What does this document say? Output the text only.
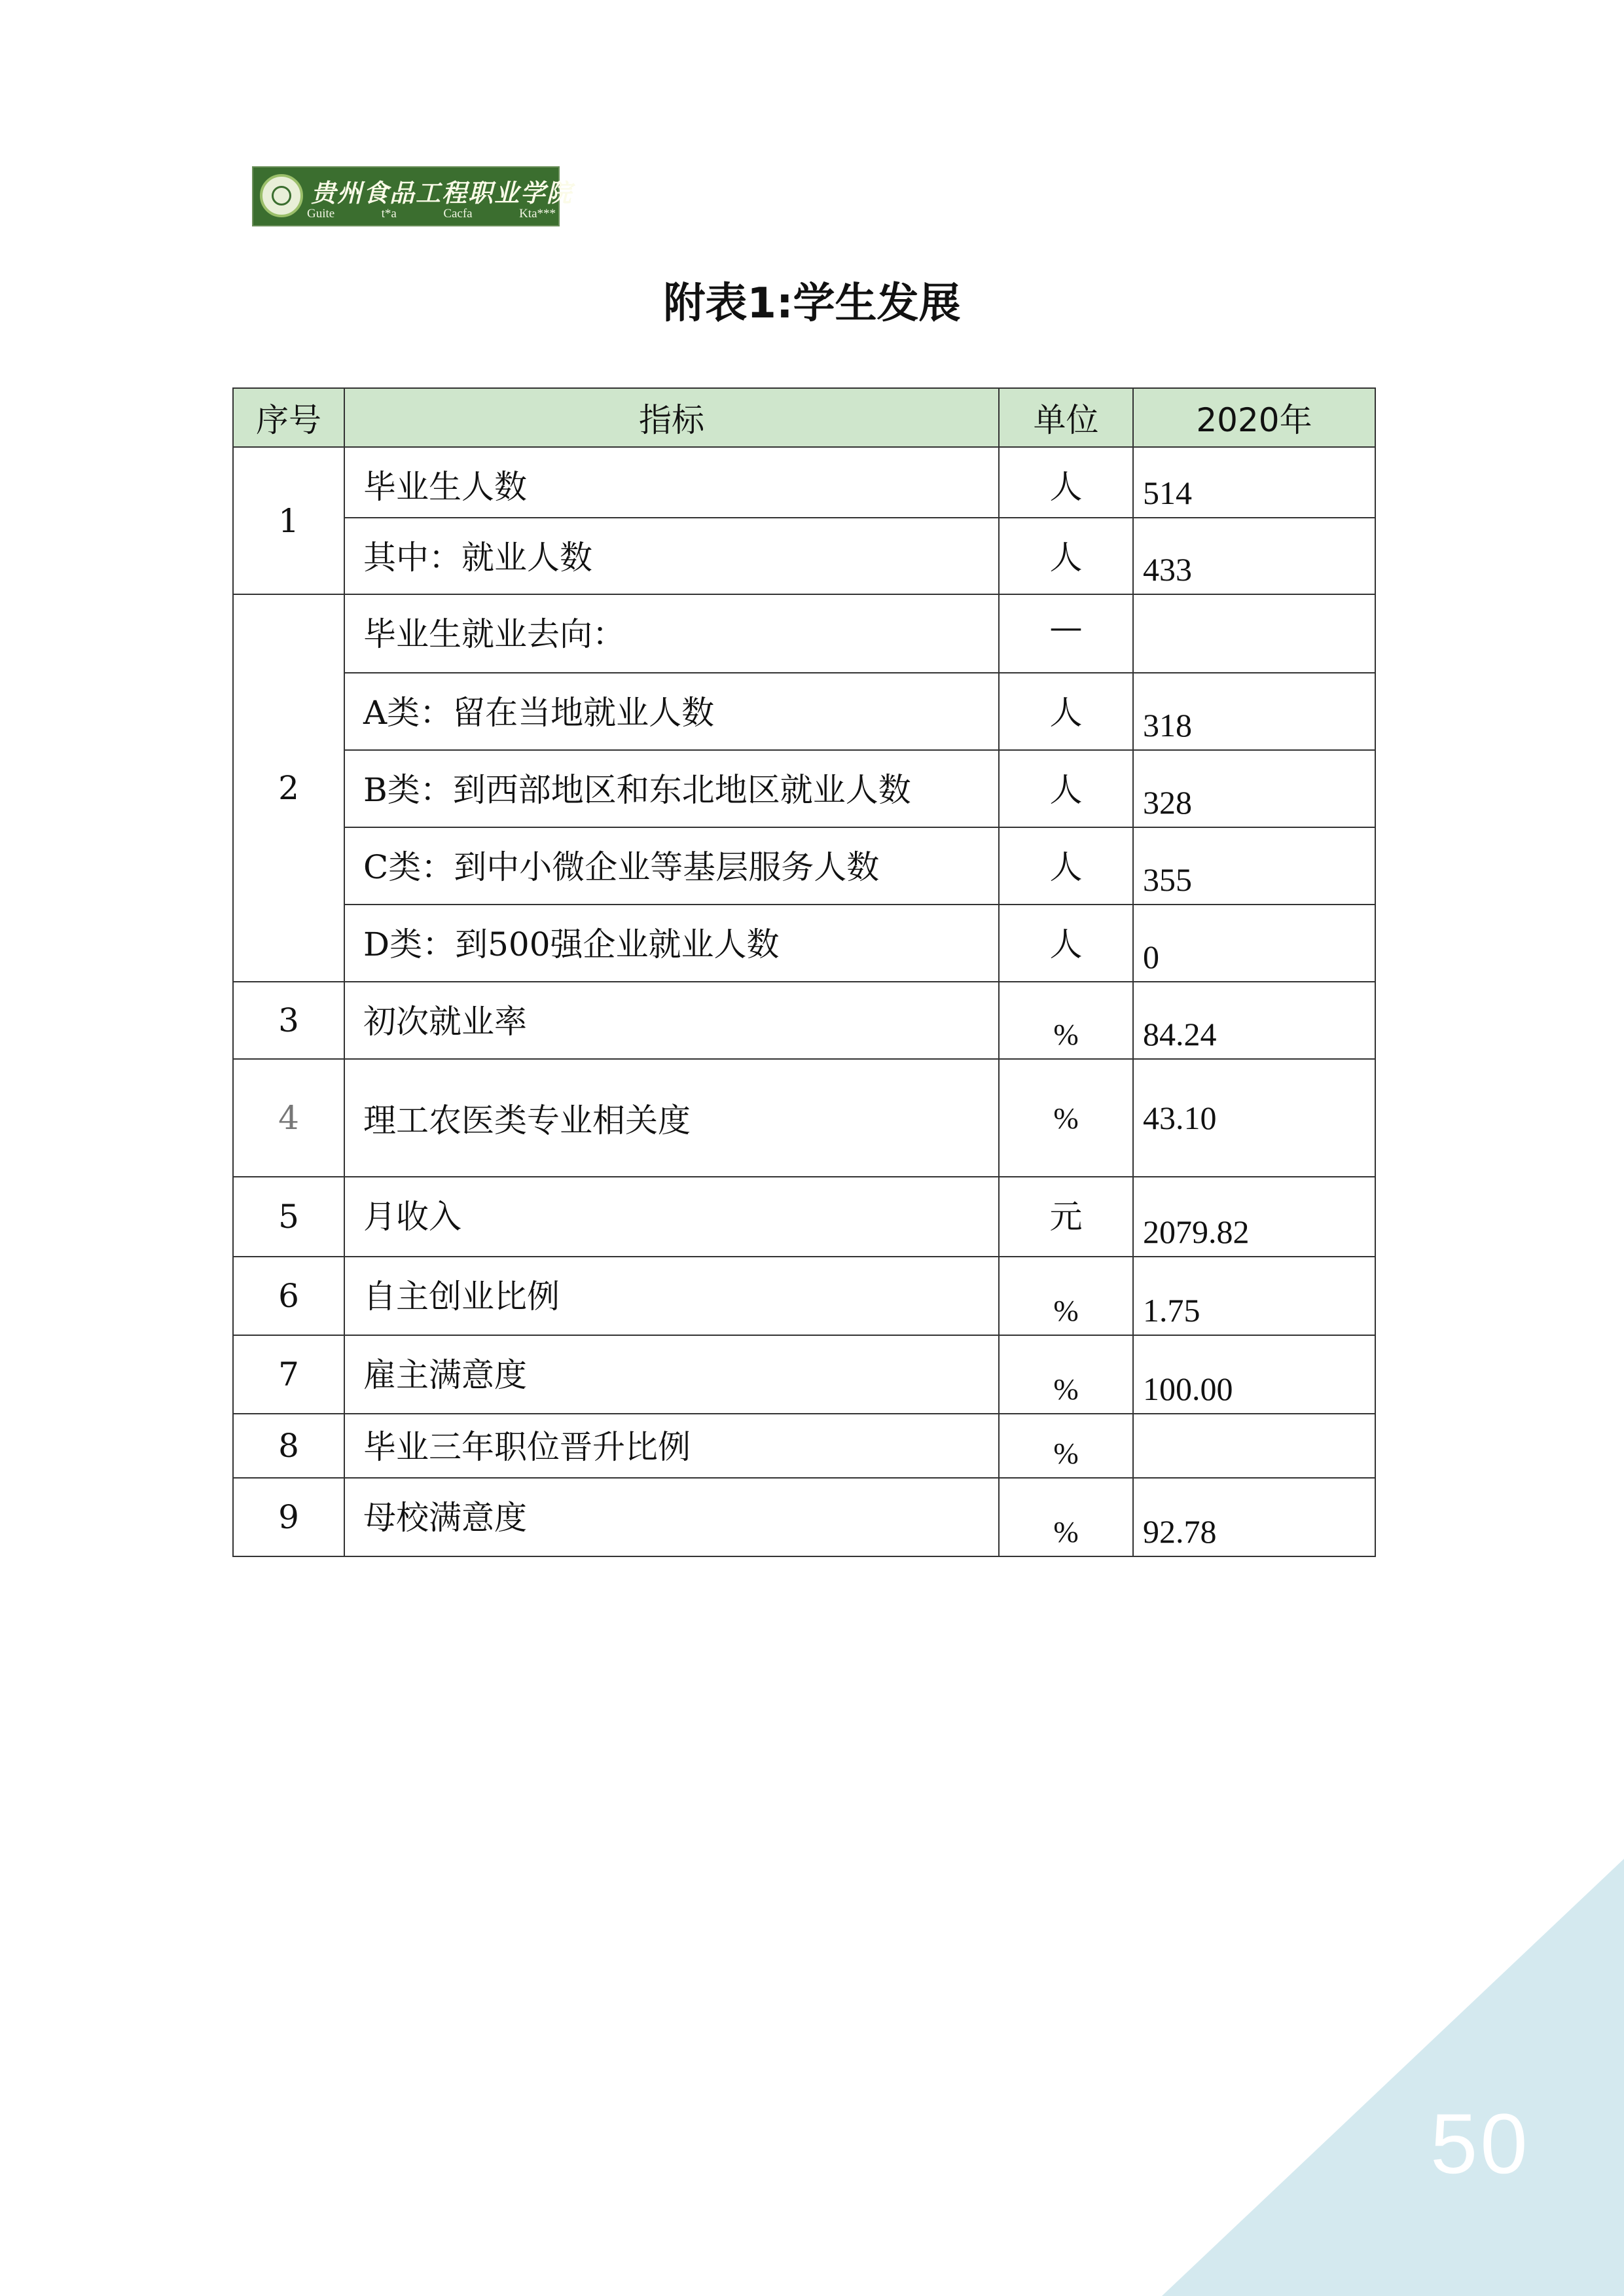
贵州食品工程职业学院
Guite	t*a	Cacfa	Kta***
附表1:学生发展
序号	指标	单位	2020年
1	毕业生人数	人	514
	其中：就业人数	人	433
2	毕业生就业去向：	—	
	A类：留在当地就业人数	人	318
	B类：到西部地区和东北地区就业人数	人	328
	C类：到中小微企业等基层服务人数	人	355
	D类：到500强企业就业人数	人	0
3	初次就业率	%	84.24
4	理工农医类专业相关度	%	43.10
5	月收入	元	2079.82
6	自主创业比例	%	1.75
7	雇主满意度	%	100.00
8	毕业三年职位晋升比例	%	
9	母校满意度	%	92.78
50
